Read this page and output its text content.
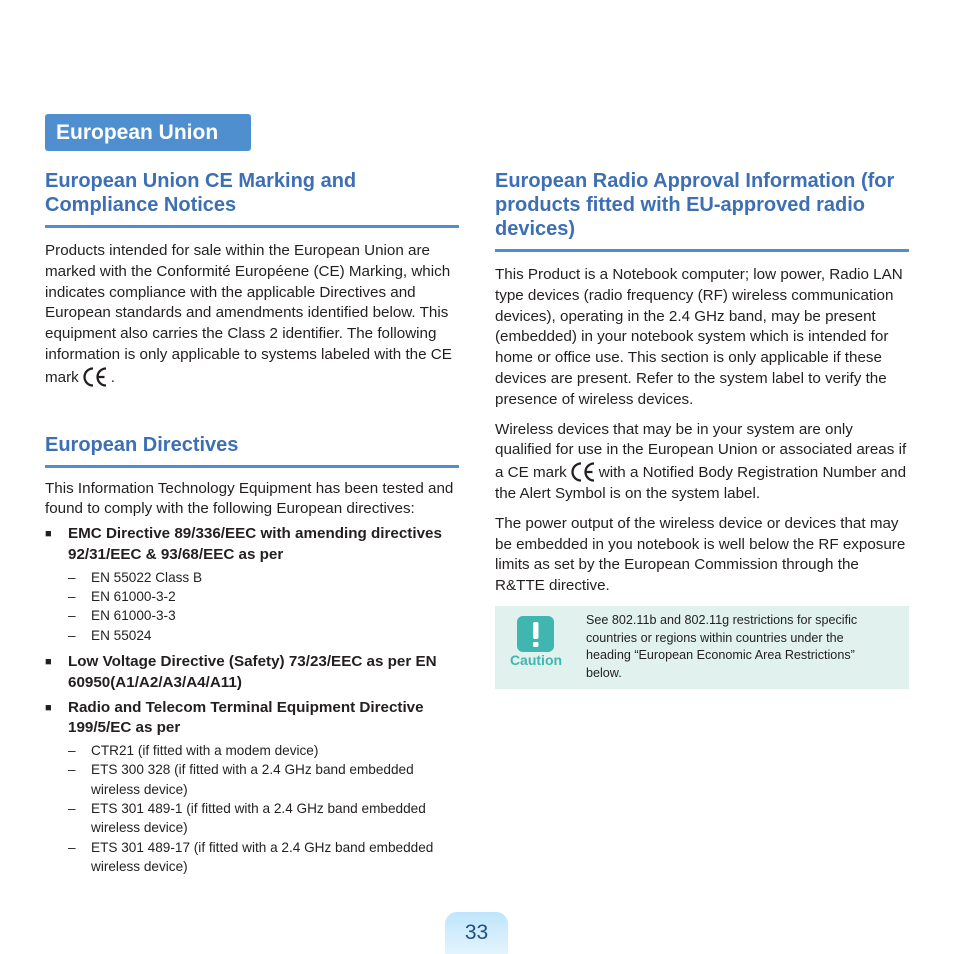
European Union
European Union CE Marking and Compliance Notices

Products intended for sale within the European Union are marked with the Conformité Européene (CE) Marking, which indicates compliance with the applicable Directives and European standards and amendments identified below. This equipment also carries the Class 2 identifier. The following information is only applicable to systems labeled with the CE mark .

European Directives

This Information Technology Equipment has been tested and found to comply with the following European directives:

■ EMC Directive 89/336/EEC with amending directives 92/31/EEC & 93/68/EEC as per
– EN 55022 Class B
– EN 61000-3-2
– EN 61000-3-3
– EN 55024
■ Low Voltage Directive (Safety) 73/23/EEC as per EN 60950(A1/A2/A3/A4/A11)
■ Radio and Telecom Terminal Equipment Directive 199/5/EC as per
– CTR21 (if fitted with a modem device)
– ETS 300 328 (if fitted with a 2.4 GHz band embedded wireless device)
– ETS 301 489-1 (if fitted with a 2.4 GHz band embedded wireless device)
– ETS 301 489-17 (if fitted with a 2.4 GHz band embedded wireless device)
European Radio Approval Information (for products fitted with EU-approved radio devices)

This Product is a Notebook computer; low power, Radio LAN type devices (radio frequency (RF) wireless communication devices), operating in the 2.4 GHz band, may be present (embedded) in your notebook system which is intended for home or office use. This section is only applicable if these devices are present. Refer to the system label to verify the presence of wireless devices.

Wireless devices that may be in your system are only qualified for use in the European Union or associated areas if a CE mark with a Notified Body Registration Number and the Alert Symbol is on the system label.

The power output of the wireless device or devices that may be embedded in you notebook is well below the RF exposure limits as set by the European Commission through the R&TTE directive.

Caution
See 802.11b and 802.11g restrictions for specific countries or regions within countries under the heading “European Economic Area Restrictions” below.
33
